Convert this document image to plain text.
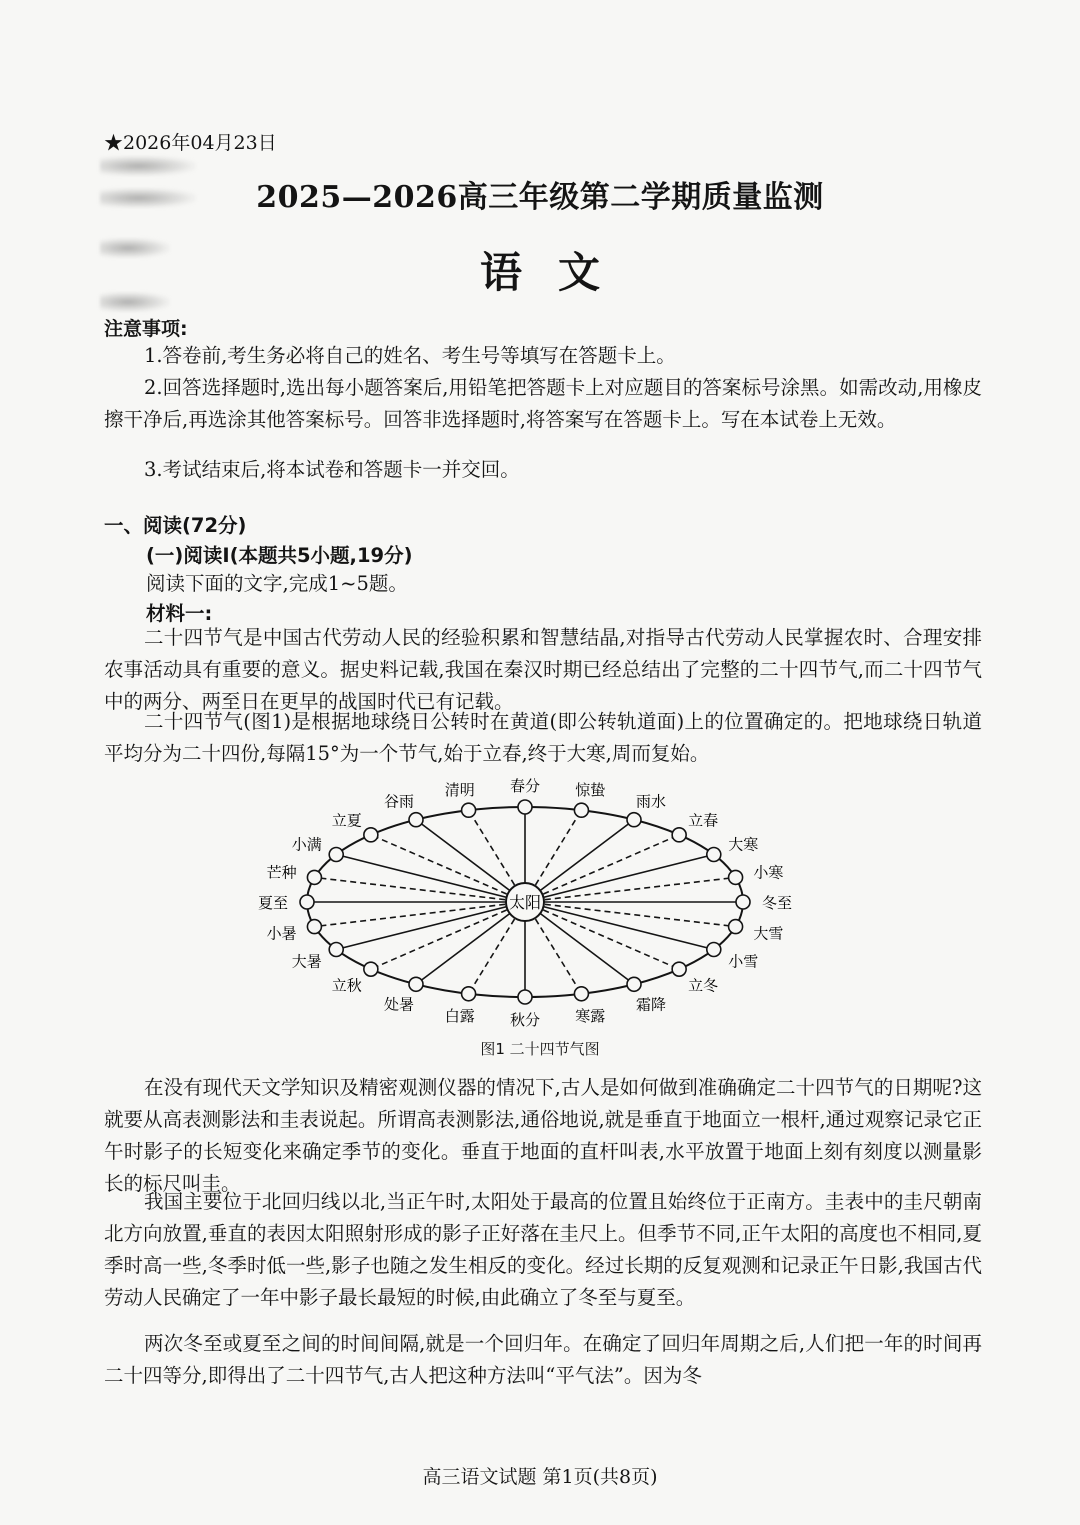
★2026年04月23日
2025—2026高三年级第二学期质量监测
语文
注意事项:
1.答卷前,考生务必将自己的姓名、考生号等填写在答题卡上。
2.回答选择题时,选出每小题答案后,用铅笔把答题卡上对应题目的答案标号涂黑。如需改动,用橡皮擦干净后,再选涂其他答案标号。回答非选择题时,将答案写在答题卡上。写在本试卷上无效。
3.考试结束后,将本试卷和答题卡一并交回。
一、阅读(72分)
(一)阅读Ⅰ(本题共5小题,19分)
阅读下面的文字,完成1~5题。
材料一:
二十四节气是中国古代劳动人民的经验积累和智慧结晶,对指导古代劳动人民掌握农时、合理安排农事活动具有重要的意义。据史料记载,我国在秦汉时期已经总结出了完整的二十四节气,而二十四节气中的两分、两至日在更早的战国时代已有记载。
二十四节气(图1)是根据地球绕日公转时在黄道(即公转轨道面)上的位置确定的。把地球绕日轨道平均分为二十四份,每隔15°为一个节气,始于立春,终于大寒,周而复始。
冬至
小寒
大寒
立春
雨水
惊蛰
春分
清明
谷雨
立夏
小满
芒种
夏至
小暑
大暑
立秋
处暑
白露 秋分 寒露
霜降
立冬
小雪
大雪
太阳
图1 二十四节气图
在没有现代天文学知识及精密观测仪器的情况下,古人是如何做到准确确定二十四节气的日期呢?这就要从高表测影法和圭表说起。所谓高表测影法,通俗地说,就是垂直于地面立一根杆,通过观察记录它正午时影子的长短变化来确定季节的变化。垂直于地面的直杆叫表,水平放置于地面上刻有刻度以测量影长的标尺叫圭。
我国主要位于北回归线以北,当正午时,太阳处于最高的位置且始终位于正南方。圭表中的圭尺朝南北方向放置,垂直的表因太阳照射形成的影子正好落在圭尺上。但季节不同,正午太阳的高度也不相同,夏季时高一些,冬季时低一些,影子也随之发生相反的变化。经过长期的反复观测和记录正午日影,我国古代劳动人民确定了一年中影子最长最短的时候,由此确立了冬至与夏至。
两次冬至或夏至之间的时间间隔,就是一个回归年。在确定了回归年周期之后,人们把一年的时间再二十四等分,即得出了二十四节气,古人把这种方法叫“平气法”。因为冬
高三语文试题 第1页(共8页)
